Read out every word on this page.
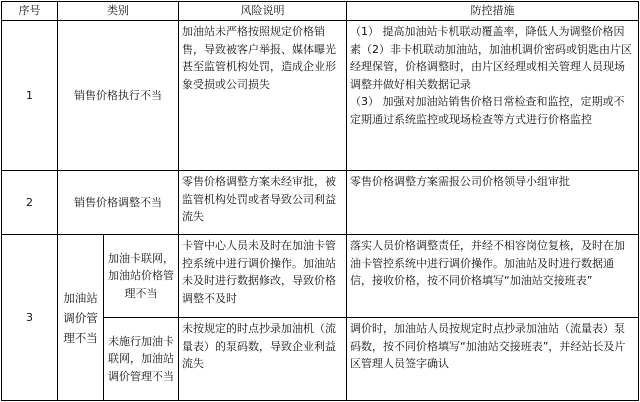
序号	类别		风险说明	防控措施
1	销售价格执行不当		加油站未严格按照规定价格销售，导致被客户举报、媒体曝光甚至监管机构处罚，造成企业形象受损或公司损失	（1） 提高加油站卡机联动覆盖率，降低人为调整价格因素（2）非卡机联动加油站，加油机调价密码或钥匙由片区经理保管，价格调整时，由片区经理或相关管理人员现场调整并做好相关数据记录
（3） 加强对加油站销售价格日常检查和监控，定期或不定期通过系统监控或现场检查等方式进行价格监控

2	销售价格调整不当		零售价格调整方案未经审批，被监管机构处罚或者导致公司利益流失	零售价格调整方案需报公司价格领导小组审批
3	加油站调价管理不当	加油卡联网，加油站价格管理不当	卡管中心人员未及时在加油卡管控系统中进行调价操作。加油站未及时进行数据修改，导致价格调整不及时	落实人员价格调整责任，并经不相容岗位复核，及时在加油卡管控系统中进行调价操作。加油站及时进行数据通信，接收价格，按不同价格填写“加油站交接班表”
		未施行加油卡联网，加油站调价管理不当	未按规定的时点抄录加油机（流量表）的泵码数，导致企业利益流失	调价时，加油站人员按规定时点抄录加油站（流量表）泵码数，按不同价格填写“加油站交接班表”，并经站长及片区管理人员签字确认
